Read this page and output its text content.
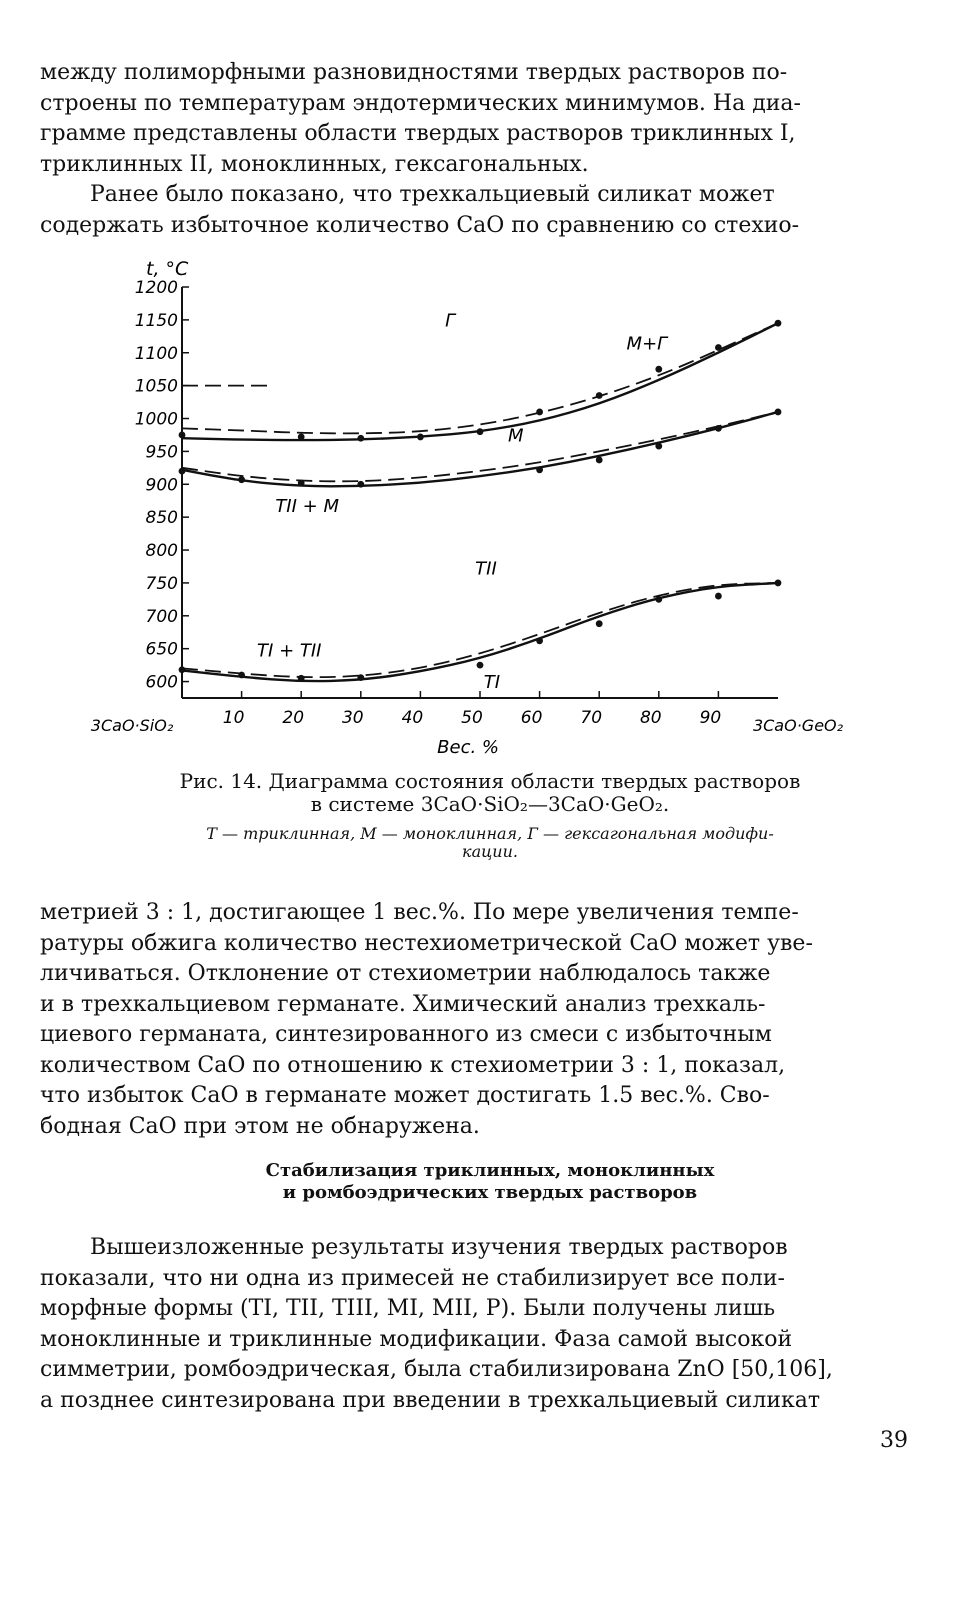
между полиморфными разновидностями твердых растворов по-
строены по температурам эндотермических минимумов. На диа-
грамме представлены области твердых растворов триклинных I,
триклинных II, моноклинных, гексагональных.
Ранее было показано, что трехкальциевый силикат может
содержать избыточное количество CaO по сравнению со стехио-
t, °C
1200
1150
1100
1050
1000
950
900
850
800
750
700
650
600
10 20 30 40 50 60 70 80 90
3CaO·SiO₂	3CaO·GeO₂
Вес. %
Г
М+Г
М
TII + M
TII
TI + TII
TI

Рис. 14. Диаграмма состояния области твердых растворов
в системе 3CaO·SiO₂—3CaO·GeO₂.

Т — триклинная, М — моноклинная, Г — гексагональная модифи-
кации.

метрией 3 : 1, достигающее 1 вес.%. По мере увеличения темпе-
ратуры обжига количество нестехиометрической CaO может уве-
личиваться. Отклонение от стехиометрии наблюдалось также
и в трехкальциевом германате. Химический анализ трехкаль-
циевого германата, синтезированного из смеси с избыточным
количеством CaO по отношению к стехиометрии 3 : 1, показал,
что избыток CaO в германате может достигать 1.5 вес.%. Сво-
бодная CaO при этом не обнаружена.

Стабилизация триклинных, моноклинных
и ромбоэдрических твердых растворов

Вышеизложенные результаты изучения твердых растворов
показали, что ни одна из примесей не стабилизирует все поли-
морфные формы (TI, TII, TIII, MI, MII, P). Были получены лишь
моноклинные и триклинные модификации. Фаза самой высокой
симметрии, ромбоэдрическая, была стабилизирована ZnO [50,106],
а позднее синтезирована при введении в трехкальциевый силикат
39
